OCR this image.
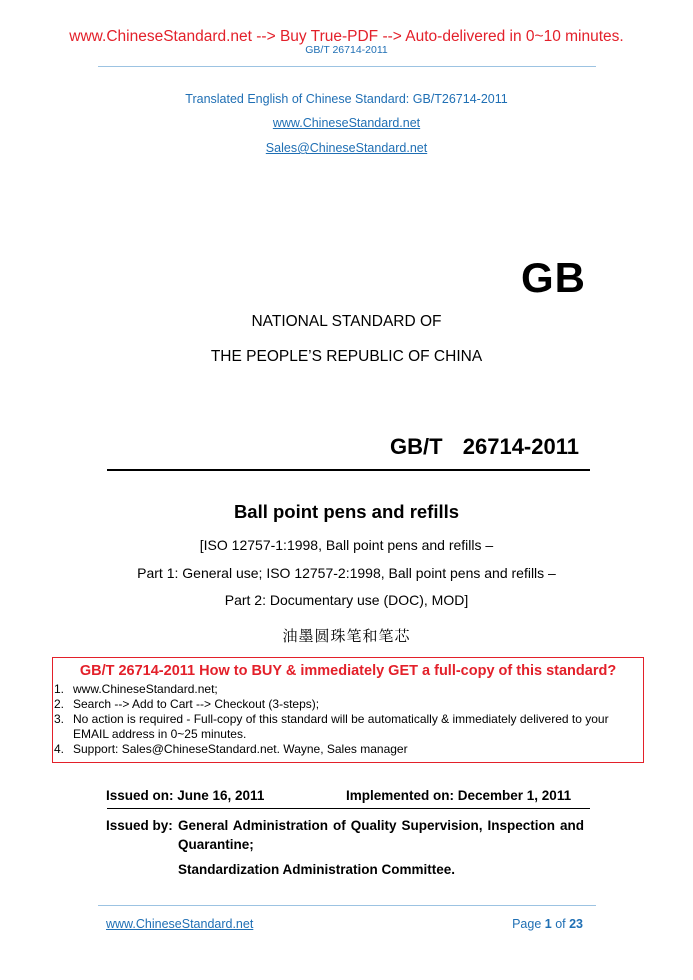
www.ChineseStandard.net --> Buy True-PDF --> Auto-delivered in 0~10 minutes.
GB/T 26714-2011
Translated English of Chinese Standard: GB/T26714-2011
www.ChineseStandard.net
Sales@ChineseStandard.net
GB
NATIONAL STANDARD OF
THE PEOPLE’S REPUBLIC OF CHINA
GB/T  26714-2011
Ball point pens and refills
[ISO 12757-1:1998, Ball point pens and refills –
Part 1: General use; ISO 12757-2:1998, Ball point pens and refills –
Part 2: Documentary use (DOC), MOD]
油墨圆珠笔和笔芯
GB/T 26714-2011 How to BUY & immediately GET a full-copy of this standard?
1. www.ChineseStandard.net;
2. Search --> Add to Cart --> Checkout (3-steps);
3. No action is required - Full-copy of this standard will be automatically & immediately delivered to your EMAIL address in 0~25 minutes.
4. Support: Sales@ChineseStandard.net. Wayne, Sales manager
Issued on: June 16, 2011	Implemented on: December 1, 2011
Issued by: General Administration of Quality Supervision, Inspection and Quarantine;
Standardization Administration Committee.
www.ChineseStandard.net	Page 1 of 23
